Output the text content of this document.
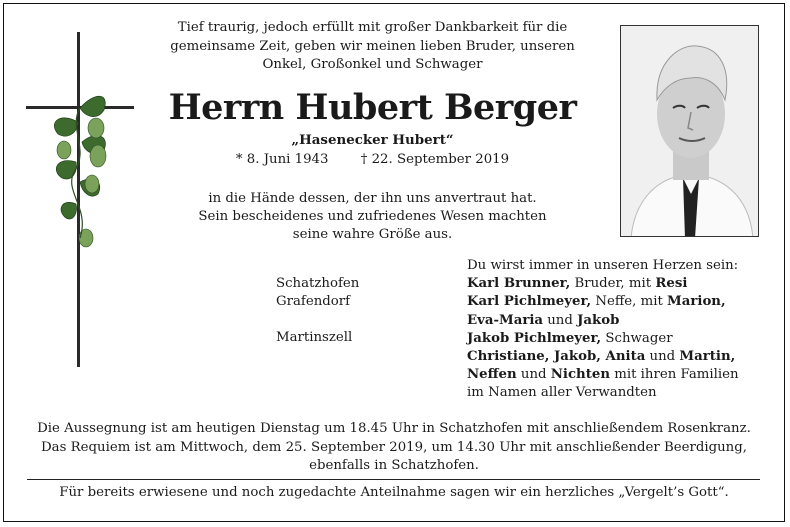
Tief traurig, jedoch erfüllt mit großer Dankbarkeit für die
gemeinsame Zeit, geben wir meinen lieben Bruder, unseren
Onkel, Großonkel und Schwager
Herrn Hubert Berger
„Hasenecker Hubert“
* 8. Juni 1943 † 22. September 2019
in die Hände dessen, der ihn uns anvertraut hat.
Sein bescheidenes und zufriedenes Wesen machten
seine wahre Größe aus.
Schatzhofen
Grafendorf
Martinszell
Du wirst immer in unseren Herzen sein:
Karl Brunner, Bruder, mit Resi
Karl Pichlmeyer, Neffe, mit Marion,
Eva-Maria und Jakob
Jakob Pichlmeyer, Schwager
Christiane, Jakob, Anita und Martin,
Neffen und Nichten mit ihren Familien
im Namen aller Verwandten
Die Aussegnung ist am heutigen Dienstag um 18.45 Uhr in Schatzhofen mit anschließendem Rosenkranz.
Das Requiem ist am Mittwoch, dem 25. September 2019, um 14.30 Uhr mit anschließender Beerdigung,
ebenfalls in Schatzhofen.
Für bereits erwiesene und noch zugedachte Anteilnahme sagen wir ein herzliches „Vergelt’s Gott“.
